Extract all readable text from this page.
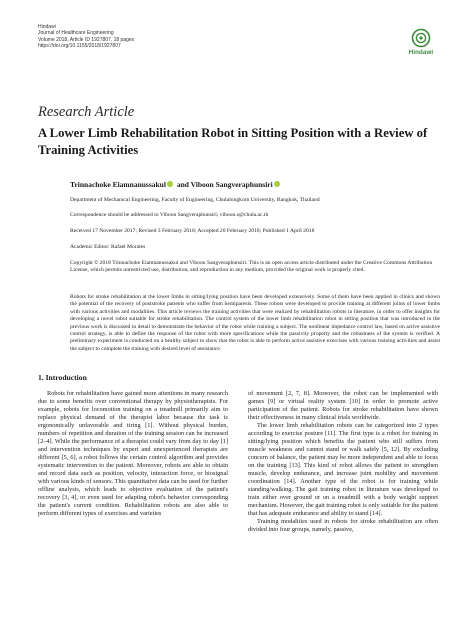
Hindawi
Journal of Healthcare Engineering
Volume 2018, Article ID 1927807, 18 pages
https://doi.org/10.1155/2018/1927807
Hindawi
Research Article
A Lower Limb Rehabilitation Robot in Sitting Position with a Review of Training Activities
Trinnachoke Eiamnanussakul and Viboon Sangveraphunsiri
Department of Mechanical Engineering, Faculty of Engineering, Chulalongkorn University, Bangkok, Thailand
Correspondence should be addressed to Viboon Sangveraphunsiri; viboon.s@chula.ac.th
Received 17 November 2017; Revised 3 February 2018; Accepted 20 February 2018; Published 1 April 2018
Academic Editor: Rafael Morales
Copyright © 2018 Trinnachoke Eiamnanussakul and Viboon Sangveraphunsiri. This is an open access article distributed under the Creative Commons Attribution License, which permits unrestricted use, distribution, and reproduction in any medium, provided the original work is properly cited.

Robots for stroke rehabilitation at the lower limbs in sitting/lying position have been developed extensively. Some of them have been applied in clinics and shown the potential of the recovery of poststroke patients who suffer from hemiparesis. These robots were developed to provide training at different joints of lower limbs with various activities and modalities. This article reviews the training activities that were realized by rehabilitation robots in literature, in order to offer insights for developing a novel robot suitable for stroke rehabilitation. The control system of the lower limb rehabilitation robot in sitting position that was introduced in the previous work is discussed in detail to demonstrate the behavior of the robot while training a subject. The nonlinear impedance control law, based on active assistive control strategy, is able to define the response of the robot with more specifications while the passivity property and the robustness of the system is verified. A preliminary experiment is conducted on a healthy subject to show that the robot is able to perform active assistive exercises with various training activities and assist the subject to complete the training with desired level of assistance.

1. Introduction

Robots for rehabilitation have gained more attentions in many research due to some benefits over conventional therapy by physiotherapists. For example, robots for locomotion training on a treadmill primarily aim to replace physical demand of the therapist labor because the task is ergonomically unfavorable and tiring [1]. Without physical burden, numbers of repetition and duration of the training session can be increased [2–4]. While the performance of a therapist could vary from day to day [1] and intervention techniques by expert and unexperienced therapists are different [5, 6], a robot follows the certain control algorithm and provides systematic intervention to the patient. Moreover, robots are able to obtain and record data such as position, velocity, interaction force, or biosignal with various kinds of sensors. This quantitative data can be used for further offline analysis, which leads to objective evaluation of the patient's recovery [3, 4], or even used for adapting robot's behavior corresponding the patient's current condition. Rehabilitation robots are also able to perform different types of exercises and varieties

of movement [2, 7, 8]. Moreover, the robot can be implemented with games [9] or virtual reality system [10] in order to promote active participation of the patient. Robots for stroke rehabilitation have shown their effectiveness in many clinical trials worldwide.

The lower limb rehabilitation robots can be categorized into 2 types according to exercise posture [11]. The first type is a robot for training in sitting/lying position which benefits the patient who still suffers from muscle weakness and cannot stand or walk safely [5, 12]. By excluding concern of balance, the patient may be more independent and able to focus on the training [13]. This kind of robot allows the patient to strengthen muscle, develop endurance, and increase joint mobility and movement coordination [14]. Another type of the robot is for training while standing/walking. The gait training robot in literature was developed to train either over ground or on a treadmill with a body weight support mechanism. However, the gait training robot is only suitable for the patient that has adequate endurance and ability to stand [14].

Training modalities used in robots for stroke rehabilitation are often divided into four groups, namely, passive,
